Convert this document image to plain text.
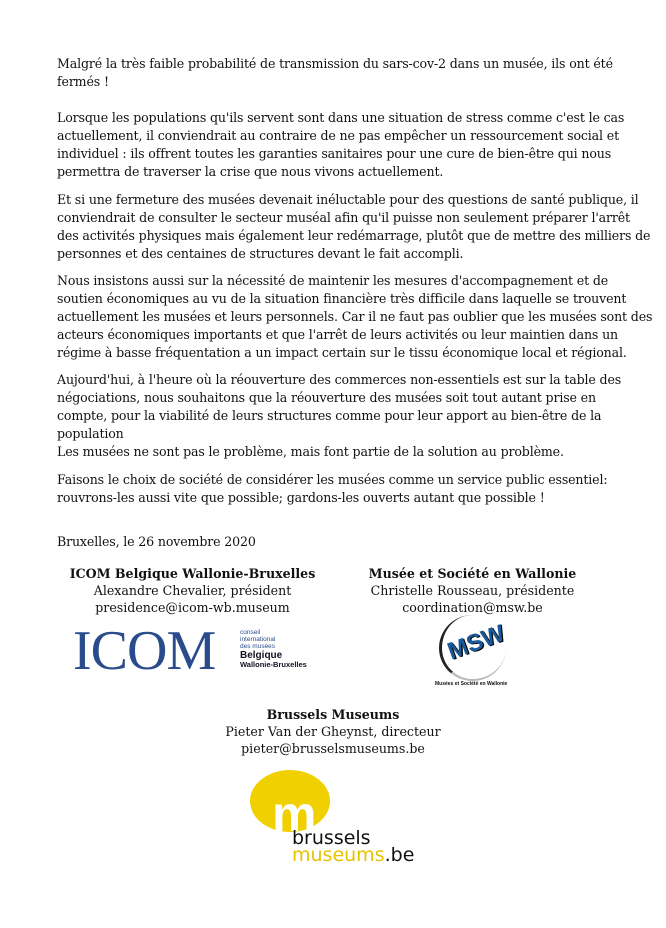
Malgré la très faible probabilité de transmission du sars-cov-2 dans un musée, ils ont été
fermés !
Lorsque les populations qu'ils servent sont dans une situation de stress comme c'est le cas
actuellement, il conviendrait au contraire de ne pas empêcher un ressourcement social et
individuel : ils offrent toutes les garanties sanitaires pour une cure de bien-être qui nous
permettra de traverser la crise que nous vivons actuellement.
Et si une fermeture des musées devenait inéluctable pour des questions de santé publique, il
conviendrait de consulter le secteur muséal afin qu'il puisse non seulement préparer l'arrêt
des activités physiques mais également leur redémarrage, plutôt que de mettre des milliers de
personnes et des centaines de structures devant le fait accompli.
Nous insistons aussi sur la nécessité de maintenir les mesures d'accompagnement et de
soutien économiques au vu de la situation financière très difficile dans laquelle se trouvent
actuellement les musées et leurs personnels. Car il ne faut pas oublier que les musées sont des
acteurs économiques importants et que l'arrêt de leurs activités ou leur maintien dans un
régime à basse fréquentation a un impact certain sur le tissu économique local et régional.
Aujourd'hui, à l'heure où la réouverture des commerces non-essentiels est sur la table des
négociations, nous souhaitons que la réouverture des musées soit tout autant prise en
compte, pour la viabilité de leurs structures comme pour leur apport au bien-être de la
population
Les musées ne sont pas le problème, mais font partie de la solution au problème.
Faisons le choix de société de considérer les musées comme un service public essentiel:
rouvrons-les aussi vite que possible; gardons-les ouverts autant que possible !
Bruxelles, le 26 novembre 2020
ICOM Belgique Wallonie-Bruxelles
Alexandre Chevalier, président
presidence@icom-wb.museum
ICOM	conseil
international
des musées
Belgique
Wallonie-Bruxelles
Musée et Société en Wallonie
Christelle Rousseau, présidente
coordination@msw.be
MSW
Musées et Société en Wallonie
Brussels Museums
Pieter Van der Gheynst, directeur
pieter@brusselsmuseums.be
m
brussels
museums.be
